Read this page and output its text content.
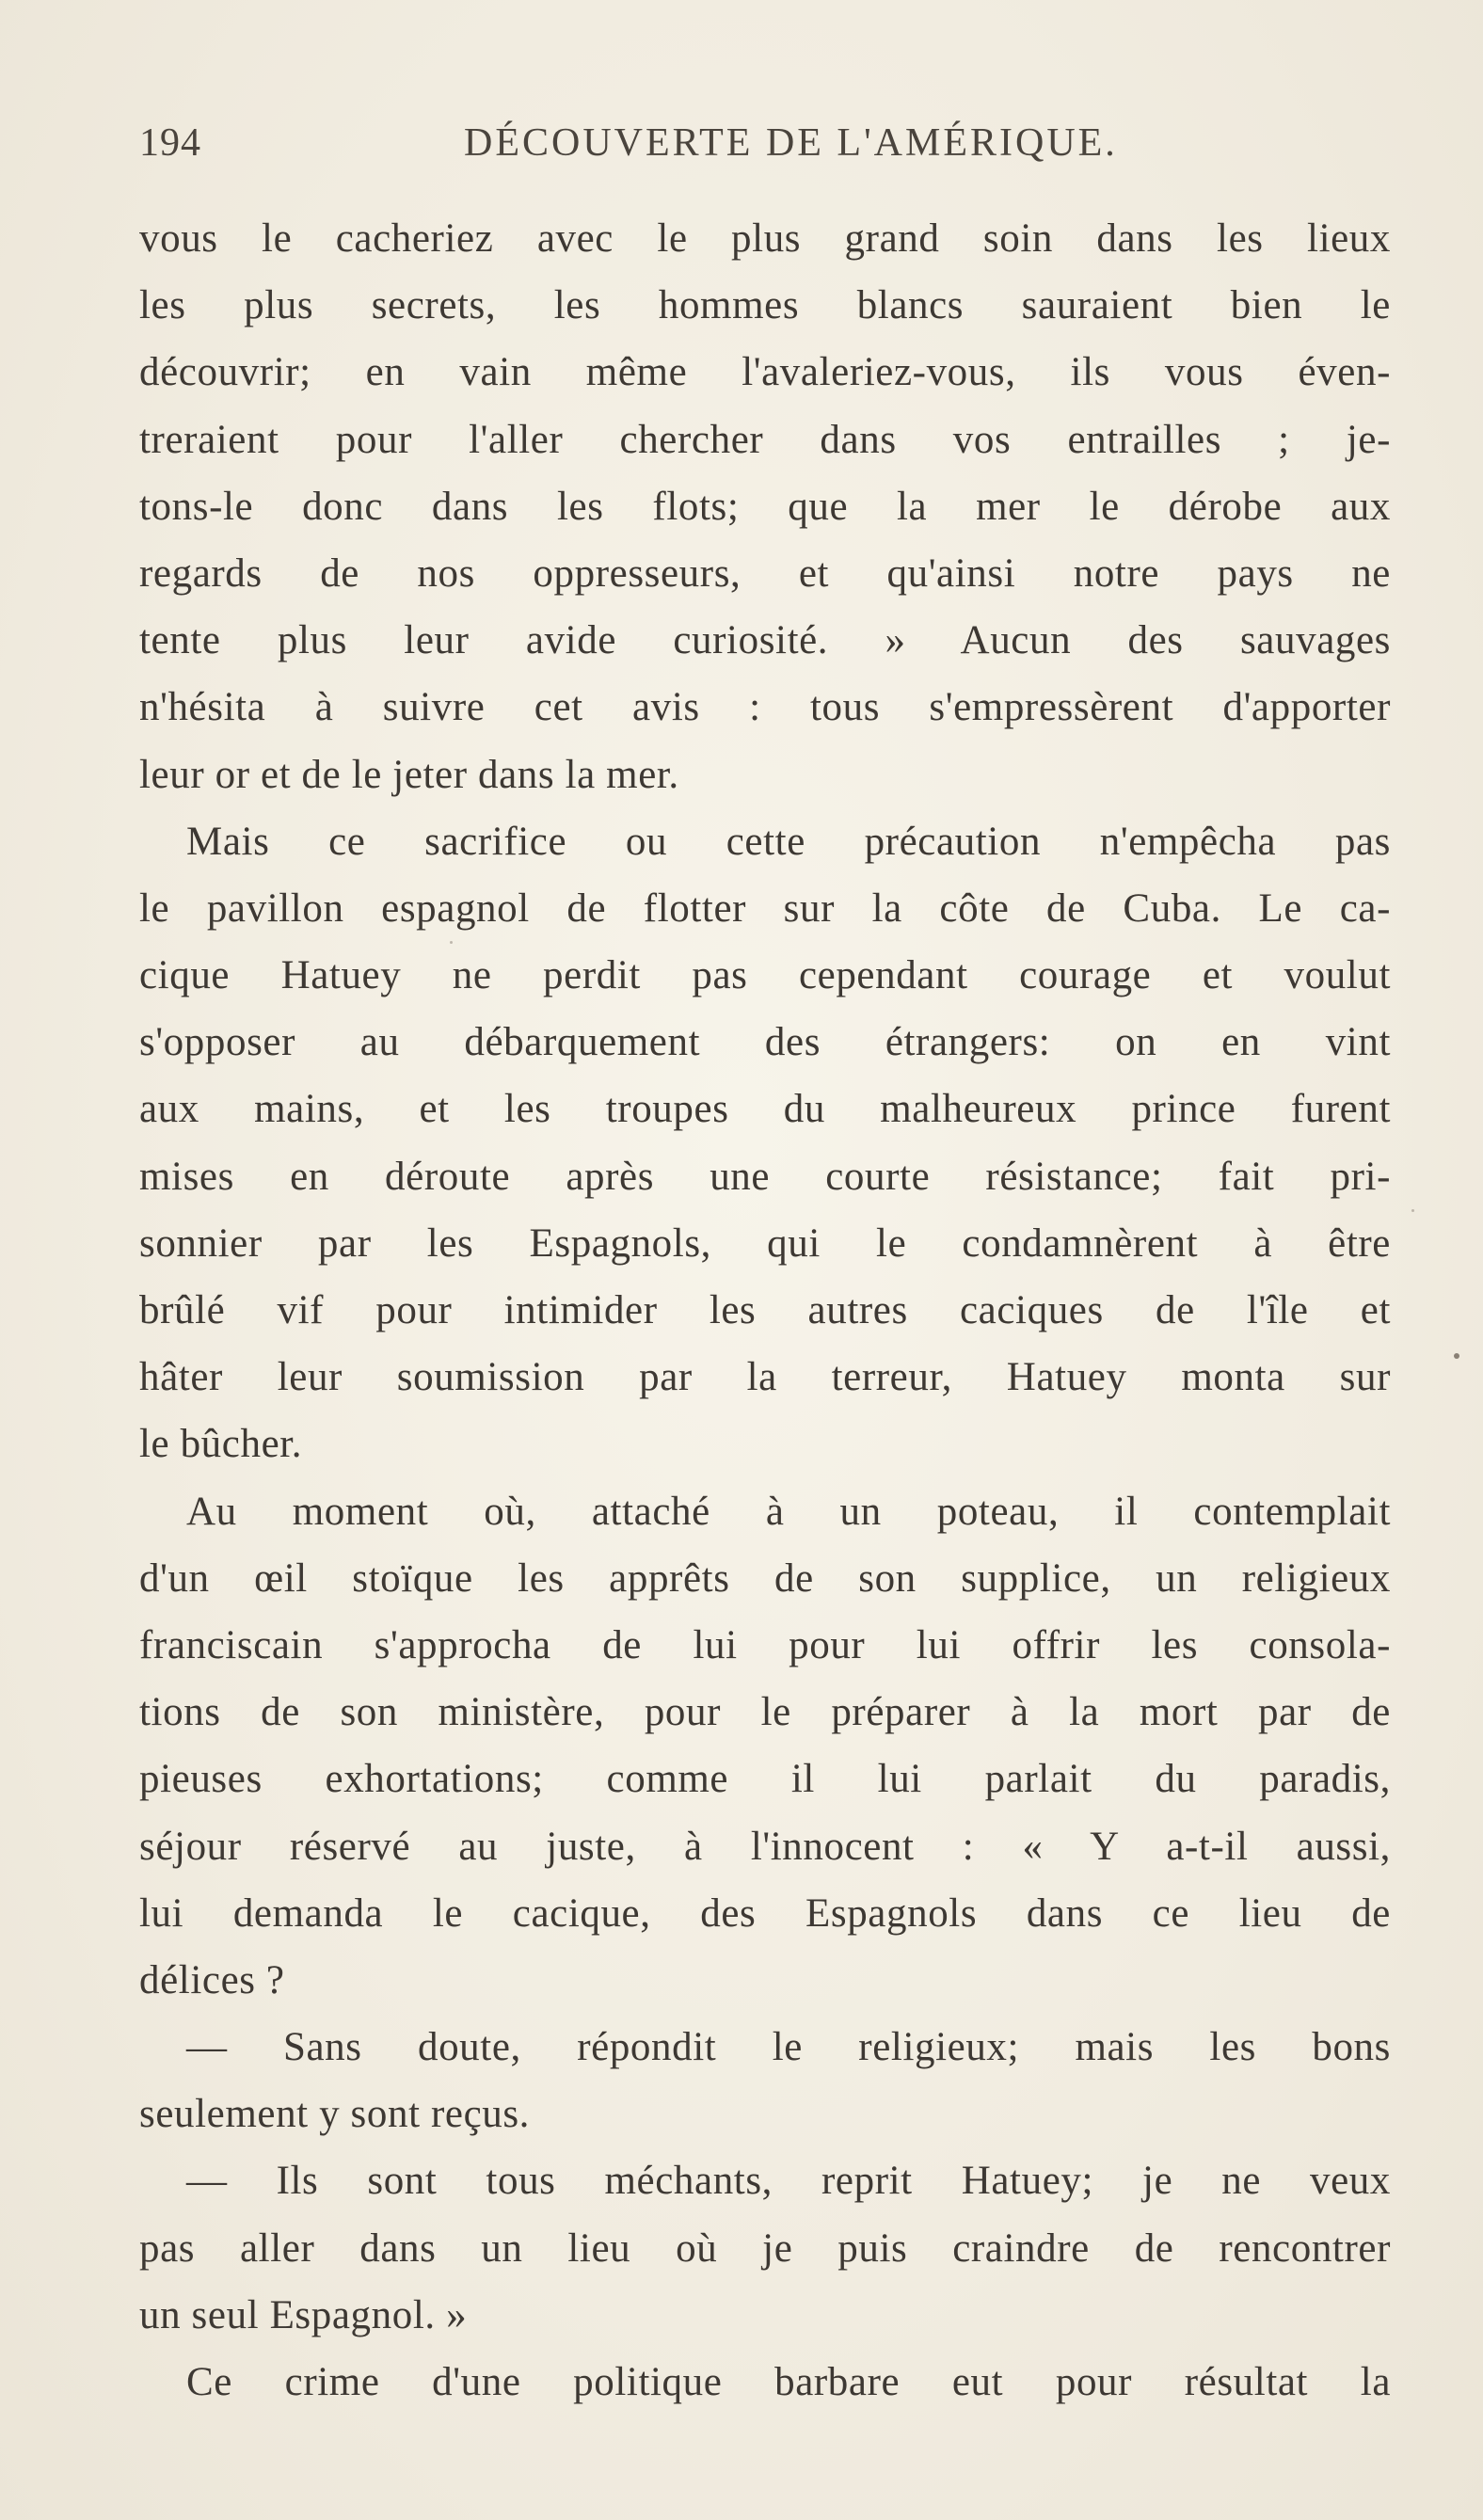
194	DÉCOUVERTE DE L'AMÉRIQUE.
vous le cacheriez avec le plus grand soin dans les lieux
les plus secrets, les hommes blancs sauraient bien le
découvrir; en vain même l'avaleriez-vous, ils vous éven-
treraient pour l'aller chercher dans vos entrailles ; je-
tons-le donc dans les flots; que la mer le dérobe aux
regards de nos oppresseurs, et qu'ainsi notre pays ne
tente plus leur avide curiosité. » Aucun des sauvages
n'hésita à suivre cet avis : tous s'empressèrent d'apporter
leur or et de le jeter dans la mer.
Mais ce sacrifice ou cette précaution n'empêcha pas
le pavillon espagnol de flotter sur la côte de Cuba. Le ca-
cique Hatuey ne perdit pas cependant courage et voulut
s'opposer au débarquement des étrangers: on en vint
aux mains, et les troupes du malheureux prince furent
mises en déroute après une courte résistance; fait pri-
sonnier par les Espagnols, qui le condamnèrent à être
brûlé vif pour intimider les autres caciques de l'île et
hâter leur soumission par la terreur, Hatuey monta sur
le bûcher.
Au moment où, attaché à un poteau, il contemplait
d'un œil stoïque les apprêts de son supplice, un religieux
franciscain s'approcha de lui pour lui offrir les consola-
tions de son ministère, pour le préparer à la mort par de
pieuses exhortations; comme il lui parlait du paradis,
séjour réservé au juste, à l'innocent : « Y a-t-il aussi,
lui demanda le cacique, des Espagnols dans ce lieu de
délices ?
— Sans doute, répondit le religieux; mais les bons
seulement y sont reçus.
— Ils sont tous méchants, reprit Hatuey; je ne veux
pas aller dans un lieu où je puis craindre de rencontrer
un seul Espagnol. »
Ce crime d'une politique barbare eut pour résultat la
